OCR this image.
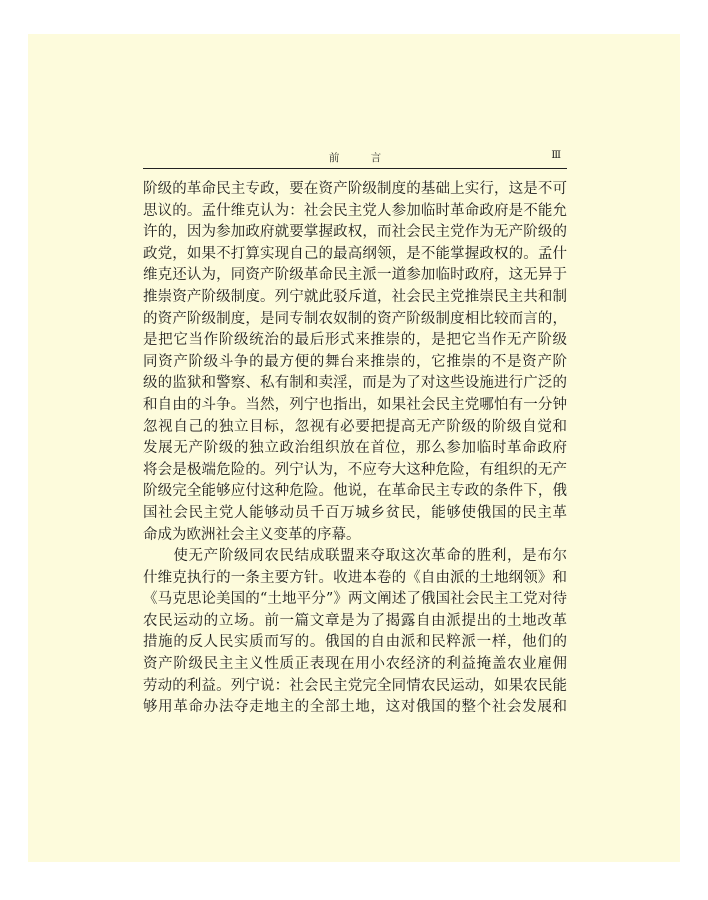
前 言	Ⅲ
阶级的革命民主专政，要在资产阶级制度的基础上实行，这是不可
思议的。孟什维克认为：社会民主党人参加临时革命政府是不能允
许的，因为参加政府就要掌握政权，而社会民主党作为无产阶级的
政党，如果不打算实现自己的最高纲领，是不能掌握政权的。孟什
维克还认为，同资产阶级革命民主派一道参加临时政府，这无异于
推崇资产阶级制度。列宁就此驳斥道，社会民主党推崇民主共和制
的资产阶级制度，是同专制农奴制的资产阶级制度相比较而言的，
是把它当作阶级统治的最后形式来推崇的，是把它当作无产阶级
同资产阶级斗争的最方便的舞台来推崇的，它推崇的不是资产阶
级的监狱和警察、私有制和卖淫，而是为了对这些设施进行广泛的
和自由的斗争。当然，列宁也指出，如果社会民主党哪怕有一分钟
忽视自己的独立目标，忽视有必要把提高无产阶级的阶级自觉和
发展无产阶级的独立政治组织放在首位，那么参加临时革命政府
将会是极端危险的。列宁认为，不应夸大这种危险，有组织的无产
阶级完全能够应付这种危险。他说，在革命民主专政的条件下，俄
国社会民主党人能够动员千百万城乡贫民，能够使俄国的民主革
命成为欧洲社会主义变革的序幕。
　　使无产阶级同农民结成联盟来夺取这次革命的胜利，是布尔
什维克执行的一条主要方针。收进本卷的《自由派的土地纲领》和
《马克思论美国的“土地平分”》两文阐述了俄国社会民主工党对待
农民运动的立场。前一篇文章是为了揭露自由派提出的土地改革
措施的反人民实质而写的。俄国的自由派和民粹派一样，他们的
资产阶级民主主义性质正表现在用小农经济的利益掩盖农业雇佣
劳动的利益。列宁说：社会民主党完全同情农民运动，如果农民能
够用革命办法夺走地主的全部土地，这对俄国的整个社会发展和
